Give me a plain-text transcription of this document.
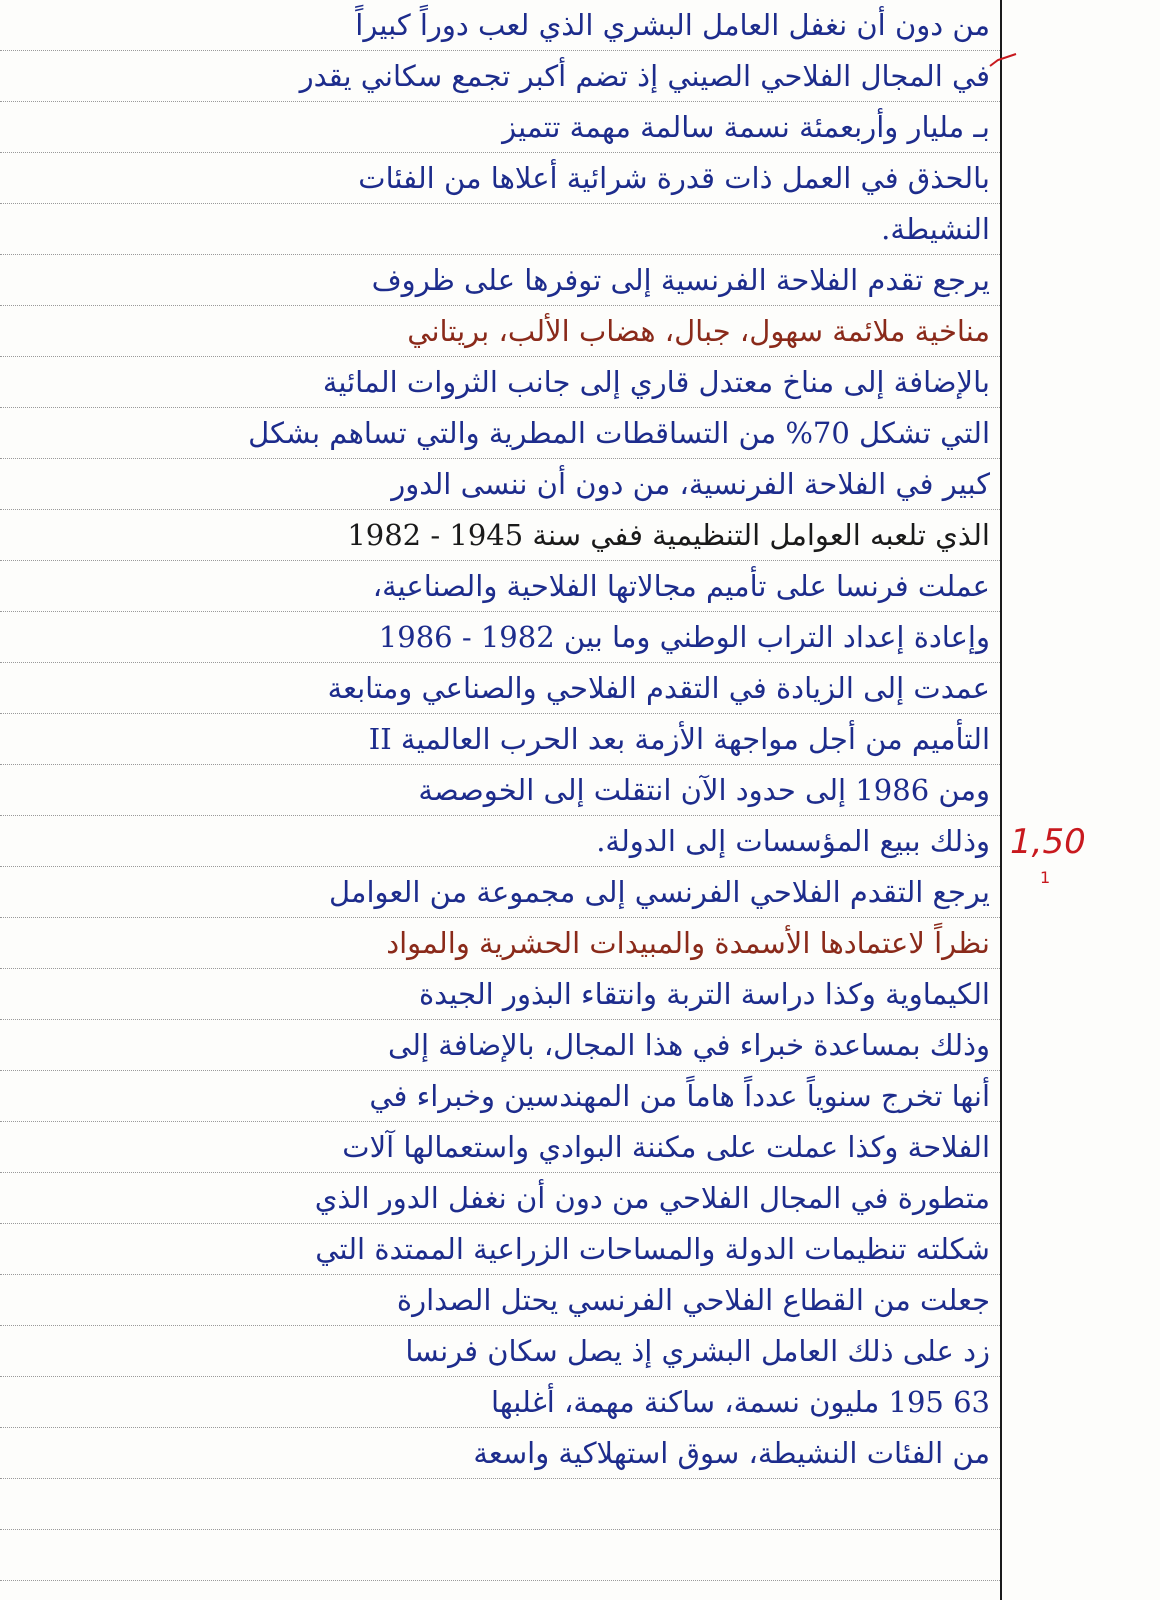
من دون أن نغفل العامل البشري الذي لعب دوراً كبيراً
في المجال الفلاحي الصيني إذ تضم أكبر تجمع سكاني يقدر
بـ مليار وأربعمئة نسمة سالمة مهمة تتميز
بالحذق في العمل ذات قدرة شرائية أعلاها من الفئات
النشيطة.
يرجع تقدم الفلاحة الفرنسية إلى توفرها على ظروف
مناخية ملائمة سهول، جبال، هضاب الألب، بريتاني
بالإضافة إلى مناخ معتدل قاري إلى جانب الثروات المائية
التي تشكل 70% من التساقطات المطرية والتي تساهم بشكل
كبير في الفلاحة الفرنسية، من دون أن ننسى الدور
الذي تلعبه العوامل التنظيمية ففي سنة 1945 - 1982
عملت فرنسا على تأميم مجالاتها الفلاحية والصناعية،
وإعادة إعداد التراب الوطني وما بين 1982 - 1986
عمدت إلى الزيادة في التقدم الفلاحي والصناعي ومتابعة
التأميم من أجل مواجهة الأزمة بعد الحرب العالمية II
ومن 1986 إلى حدود الآن انتقلت إلى الخوصصة
وذلك ببيع المؤسسات إلى الدولة.
يرجع التقدم الفلاحي الفرنسي إلى مجموعة من العوامل
نظراً لاعتمادها الأسمدة والمبيدات الحشرية والمواد
الكيماوية وكذا دراسة التربة وانتقاء البذور الجيدة
وذلك بمساعدة خبراء في هذا المجال، بالإضافة إلى
أنها تخرج سنوياً عدداً هاماً من المهندسين وخبراء في
الفلاحة وكذا عملت على مكننة البوادي واستعمالها آلات
متطورة في المجال الفلاحي من دون أن نغفل الدور الذي
شكلته تنظيمات الدولة والمساحات الزراعية الممتدة التي
جعلت من القطاع الفلاحي الفرنسي يحتل الصدارة
زد على ذلك العامل البشري إذ يصل سكان فرنسا
63 195 مليون نسمة، ساكنة مهمة، أغلبها
من الفئات النشيطة، سوق استهلاكية واسعة
1,50
1
